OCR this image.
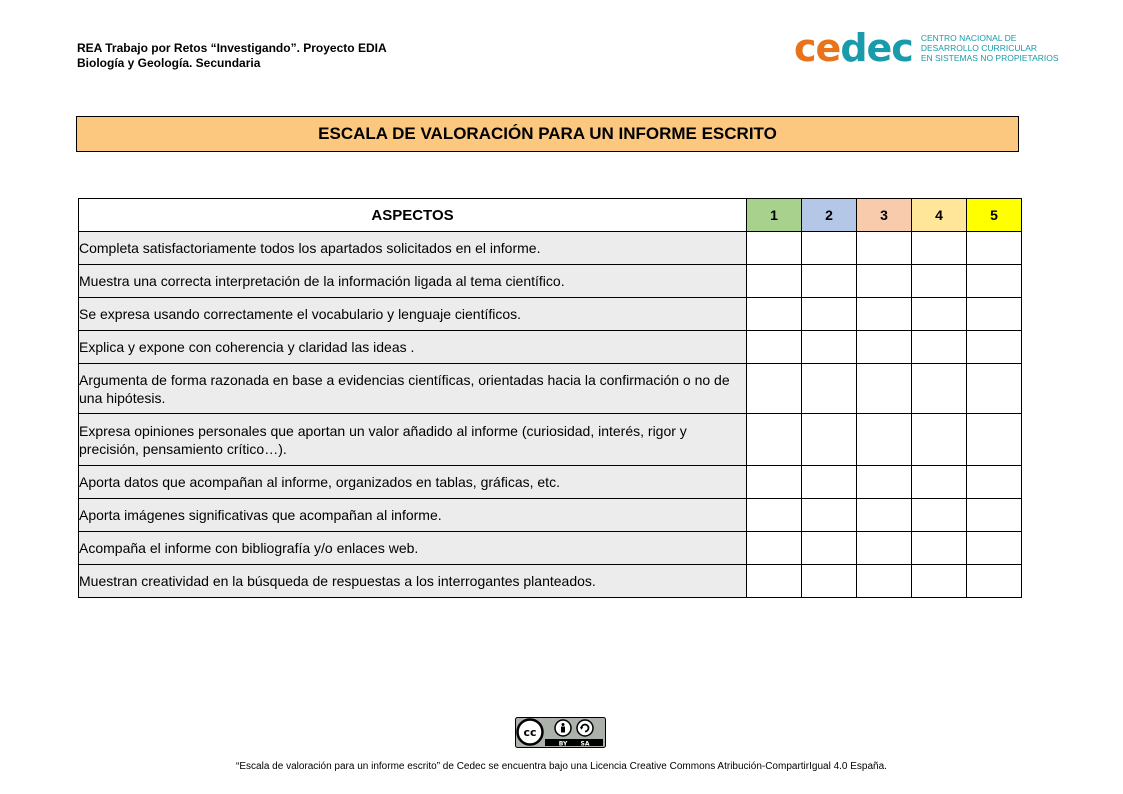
REA Trabajo por Retos “Investigando”. Proyecto EDIA
Biología y Geología. Secundaria	cedec CENTRO NACIONAL DE
DESARROLLO CURRICULAR
EN SISTEMAS NO PROPIETARIOS
ESCALA DE VALORACIÓN PARA UN INFORME ESCRITO
ASPECTOS	1	2	3	4	5
Completa satisfactoriamente todos los apartados solicitados en el informe.					
Muestra una correcta interpretación de la información ligada al tema científico.					
Se expresa usando correctamente el vocabulario y lenguaje científicos.					
Explica y expone con coherencia y claridad las ideas .					
Argumenta de forma razonada en base a evidencias científicas, orientadas hacia la confirmación o no de una hipótesis.					
Expresa opiniones personales que aportan un valor añadido al informe (curiosidad, interés, rigor y precisión, pensamiento crítico…).					
Aporta datos que acompañan al informe, organizados en tablas, gráficas, etc.					
Aporta imágenes significativas que acompañan al informe.					
Acompaña el informe con bibliografía y/o enlaces web.					
Muestran creatividad en la búsqueda de respuestas a los interrogantes planteados.					
cc
BY SA
“Escala de valoración para un informe escrito” de Cedec se encuentra bajo una Licencia Creative Commons Atribución-CompartirIgual 4.0 España.
